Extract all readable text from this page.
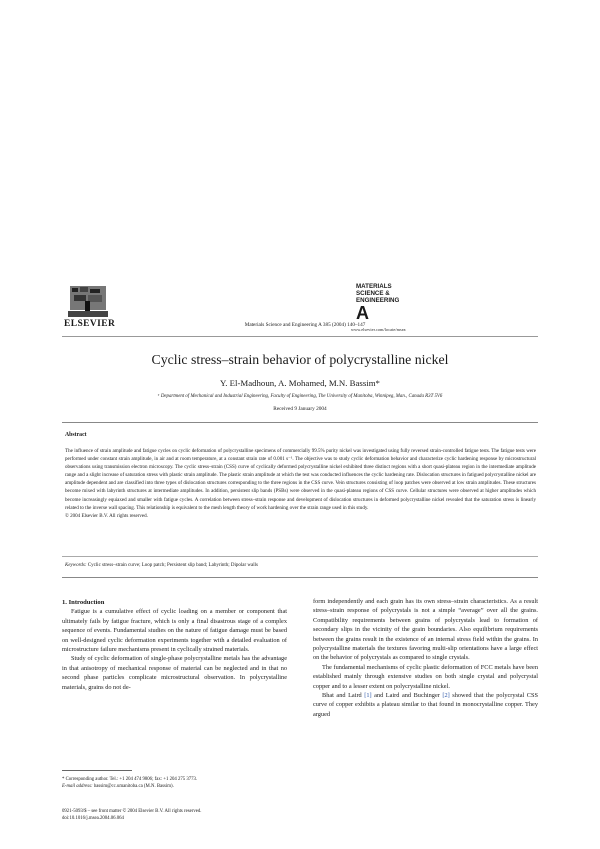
ELSEVIER	Materials Science and Engineering A 385 (2004) 140–147
MATERIALS
SCIENCE &
ENGINEERING
A
www.elsevier.com/locate/msea
Cyclic stress–strain behavior of polycrystalline nickel
Y. El-Madhoun, A. Mohamed, M.N. Bassim*
ᵃ Department of Mechanical and Industrial Engineering, Faculty of Engineering, The University of Manitoba, Winnipeg, Man., Canada R3T 5V6
Received 9 January 2004
Abstract
The influence of strain amplitude and fatigue cycles on cyclic deformation of polycrystalline specimens of commercially 99.5% purity nickel was investigated using fully reversed strain-controlled fatigue tests. The fatigue tests were performed under constant strain amplitude, in air and at room temperature, at a constant strain rate of 0.001 s⁻¹. The objective was to study cyclic deformation behavior and characterize cyclic hardening response by microstructural observations using transmission electron microscopy. The cyclic stress–strain (CSS) curve of cyclically deformed polycrystalline nickel exhibited three distinct regions with a short quasi-plateau region in the intermediate amplitude range and a slight increase of saturation stress with plastic strain amplitude. The plastic strain amplitude at which the test was conducted influences the cyclic hardening rate. Dislocation structures in fatigued polycrystalline nickel are amplitude dependent and are classified into three types of dislocation structures corresponding to the three regions in the CSS curve. Vein structures consisting of loop patches were observed at low strain amplitudes. These structures become mixed with labyrinth structures at intermediate amplitudes. In addition, persistent slip bands (PSBs) were observed in the quasi-plateau regions of CSS curve. Cellular structures were observed at higher amplitudes which become increasingly equiaxed and smaller with fatigue cycles. A correlation between stress–strain response and development of dislocation structures in deformed polycrystalline nickel revealed that the saturation stress is linearly related to the inverse wall spacing. This relationship is equivalent to the mesh length theory of work hardening over the strain range used in this study.
© 2004 Elsevier B.V. All rights reserved.
Keywords: Cyclic stress–strain curve; Loop patch; Persistent slip band; Labyrinth; Dipolar walls

1. Introduction

Fatigue is a cumulative effect of cyclic loading on a member or component that ultimately fails by fatigue fracture, which is only a final disastrous stage of a complex sequence of events. Fundamental studies on the nature of fatigue damage must be based on well-designed cyclic deformation experiments together with a detailed evaluation of microstructure failure mechanisms present in cyclically strained materials.

Study of cyclic deformation of single-phase polycrystalline metals has the advantage in that anisotropy of mechanical response of material can be neglected and in that no second phase particles complicate microstructural observation. In polycrystalline materials, grains do not de-

form independently and each grain has its own stress–strain characteristics. As a result stress–strain response of polycrystals is not a simple “average” over all the grains. Compatibility requirements between grains of polycrystals lead to formation of secondary slips in the vicinity of the grain boundaries. Also equilibrium requirements between the grains result in the existence of an internal stress field within the grains. In polycrystalline materials the textures favoring multi-slip orientations have a large effect on the behavior of polycrystals as compared to single crystals.

The fundamental mechanisms of cyclic plastic deformation of FCC metals have been established mainly through extensive studies on both single crystal and polycrystal copper and to a lesser extent on polycrystalline nickel.

Bhat and Laird [1] and Laird and Buchinger [2] showed that the polycrystal CSS curve of copper exhibits a plateau similar to that found in monocrystalline copper. They argued

* Corresponding author. Tel.: +1 204 474 9806; fax: +1 204 275 3773.
E-mail address: bassim@cc.umanitoba.ca (M.N. Bassim).
0921-5093/$ – see front matter © 2004 Elsevier B.V. All rights reserved.
doi:10.1016/j.msea.2004.06.064
